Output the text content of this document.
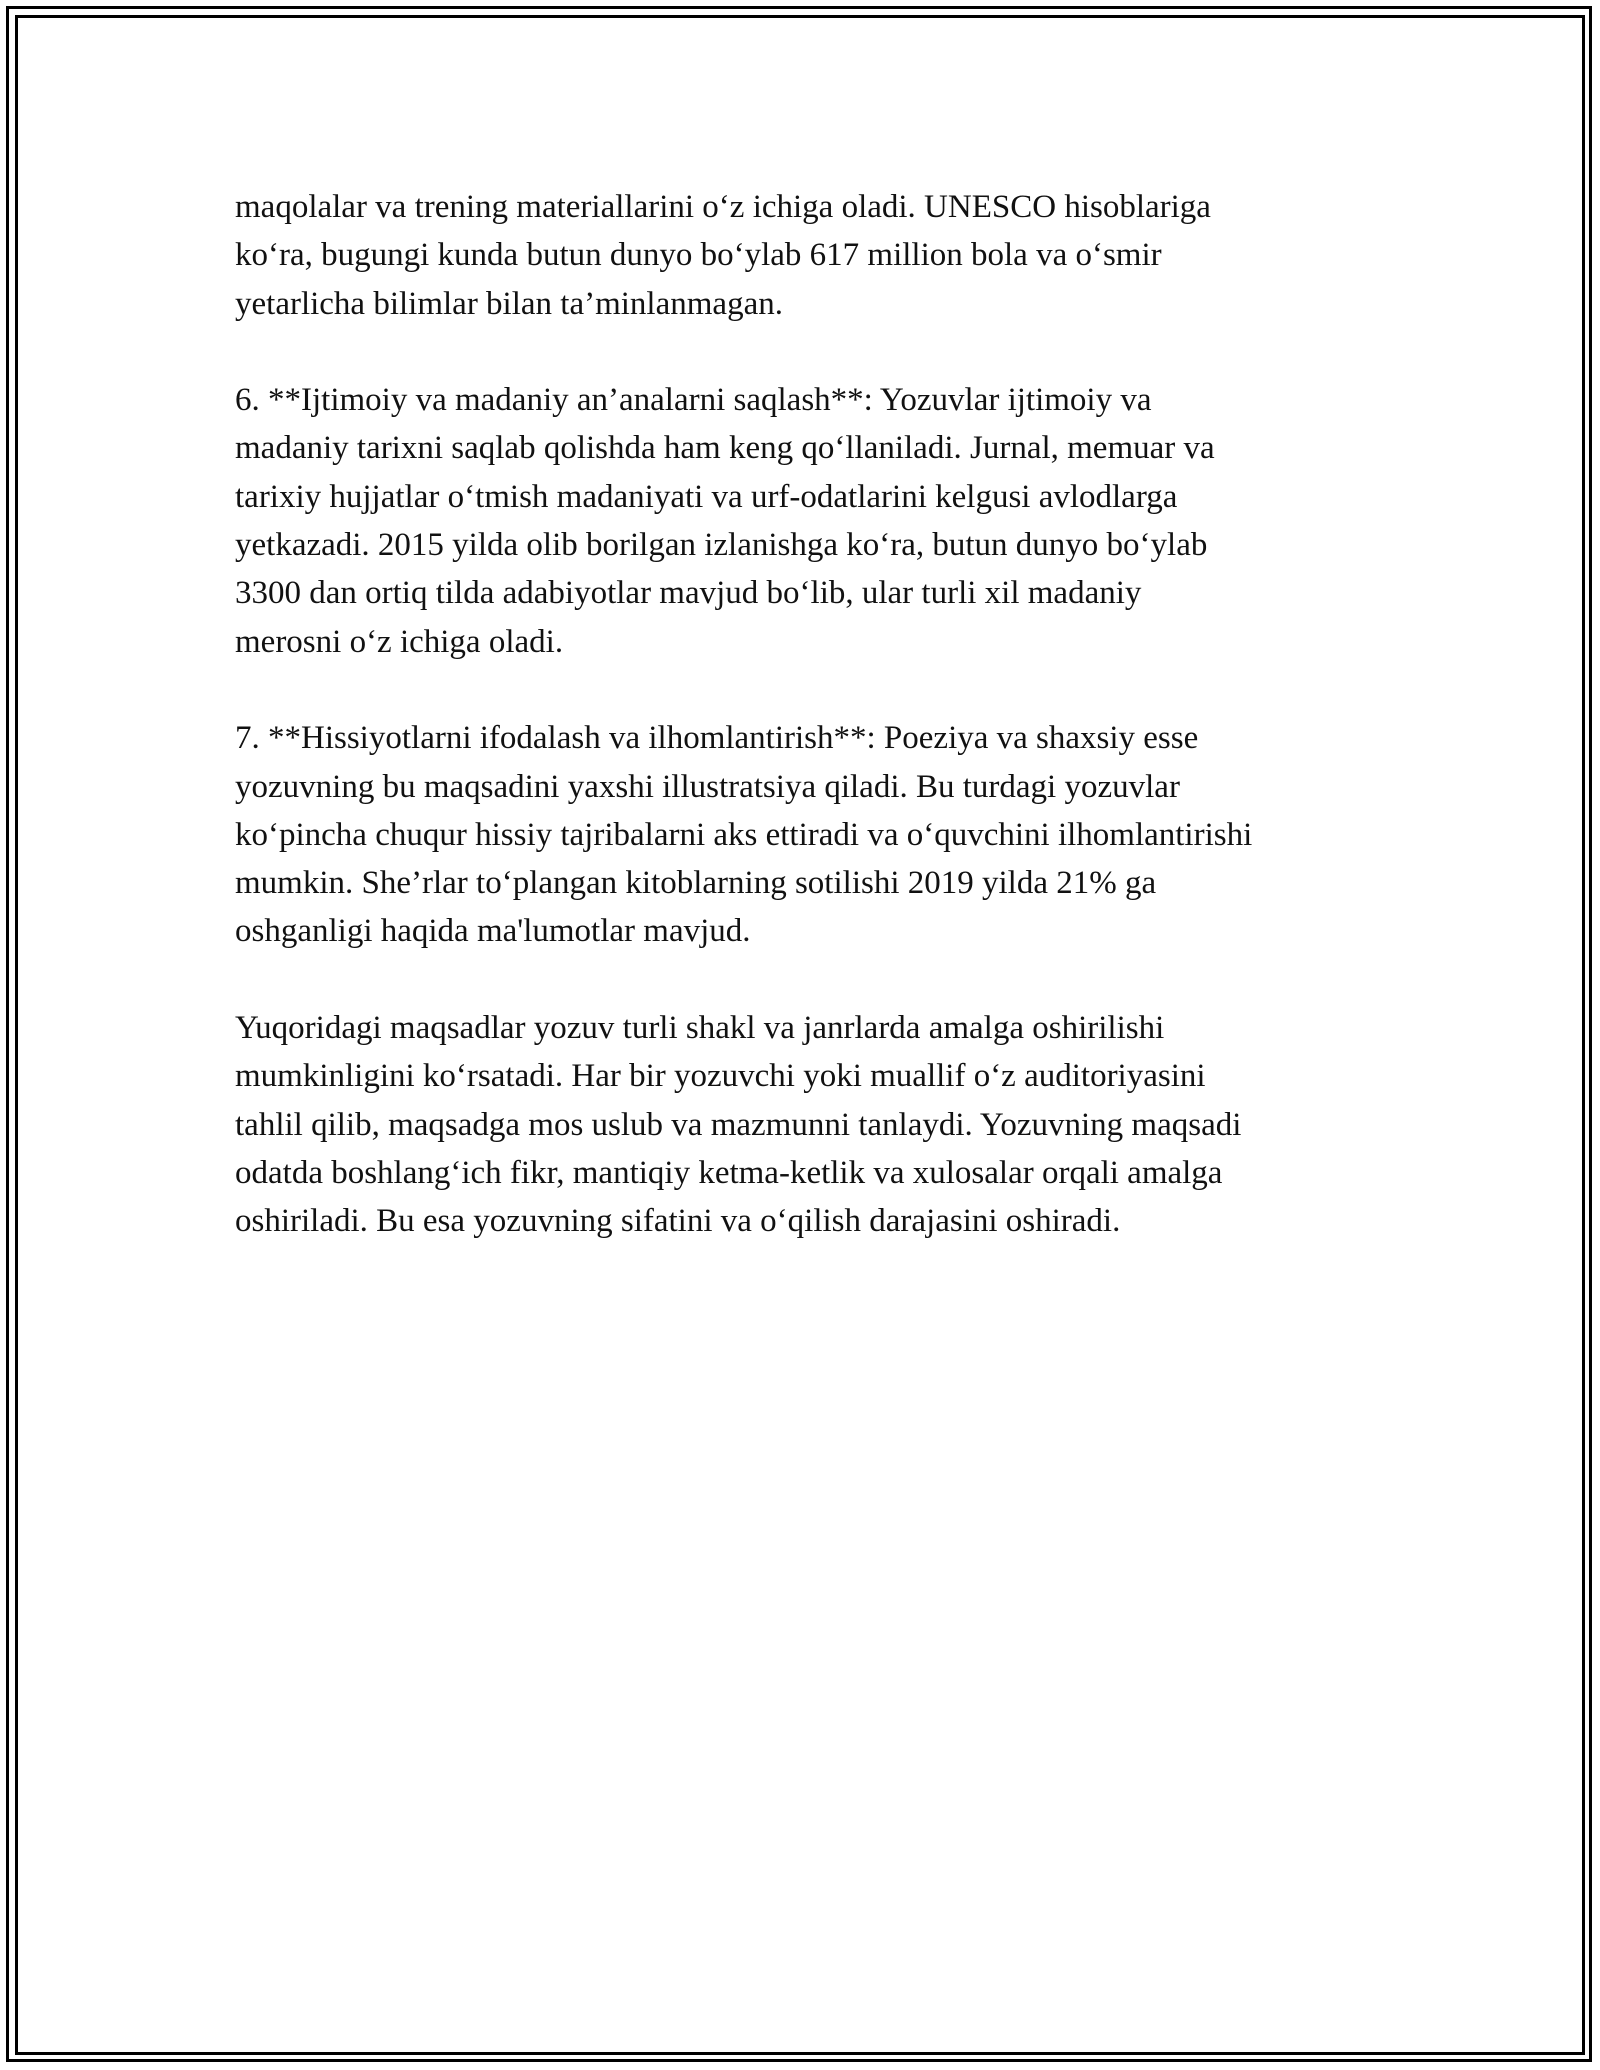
maqolalar va trening materiallarini o‘z ichiga oladi. UNESCO hisoblariga
ko‘ra, bugungi kunda butun dunyo bo‘ylab 617 million bola va o‘smir
yetarlicha bilimlar bilan ta’minlanmagan.

6. **Ijtimoiy va madaniy an’analarni saqlash**: Yozuvlar ijtimoiy va
madaniy tarixni saqlab qolishda ham keng qo‘llaniladi. Jurnal, memuar va
tarixiy hujjatlar o‘tmish madaniyati va urf-odatlarini kelgusi avlodlarga
yetkazadi. 2015 yilda olib borilgan izlanishga ko‘ra, butun dunyo bo‘ylab
3300 dan ortiq tilda adabiyotlar mavjud bo‘lib, ular turli xil madaniy
merosni o‘z ichiga oladi.

7. **Hissiyotlarni ifodalash va ilhomlantirish**: Poeziya va shaxsiy esse
yozuvning bu maqsadini yaxshi illustratsiya qiladi. Bu turdagi yozuvlar
ko‘pincha chuqur hissiy tajribalarni aks ettiradi va o‘quvchini ilhomlantirishi
mumkin. She’rlar to‘plangan kitoblarning sotilishi 2019 yilda 21% ga
oshganligi haqida ma'lumotlar mavjud.

Yuqoridagi maqsadlar yozuv turli shakl va janrlarda amalga oshirilishi
mumkinligini ko‘rsatadi. Har bir yozuvchi yoki muallif o‘z auditoriyasini
tahlil qilib, maqsadga mos uslub va mazmunni tanlaydi. Yozuvning maqsadi
odatda boshlang‘ich fikr, mantiqiy ketma-ketlik va xulosalar orqali amalga
oshiriladi. Bu esa yozuvning sifatini va o‘qilish darajasini oshiradi.
